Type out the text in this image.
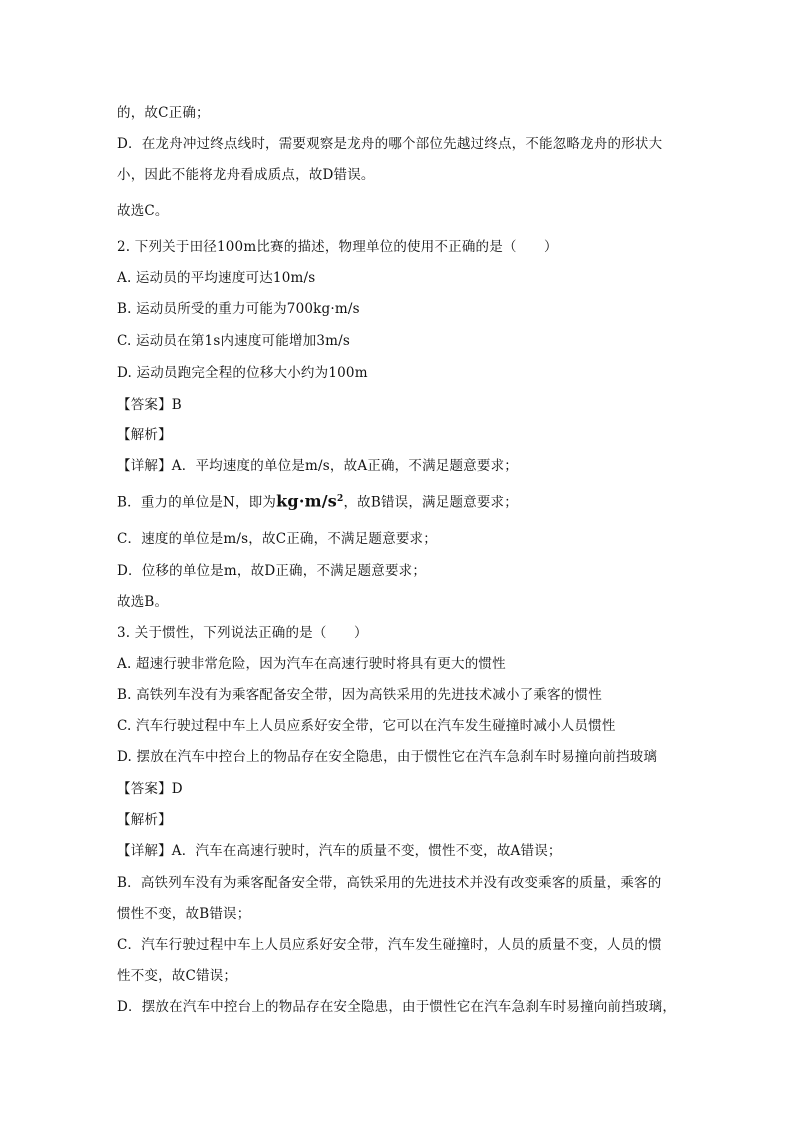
的，故C正确；
D．在龙舟冲过终点线时，需要观察是龙舟的哪个部位先越过终点，不能忽略龙舟的形状大
小，因此不能将龙舟看成质点，故D错误。
故选C。
2. 下列关于田径100m比赛的描述，物理单位的使用不正确的是（　　）
A. 运动员的平均速度可达10m/s
B. 运动员所受的重力可能为700kg·m/s
C. 运动员在第1s内速度可能增加3m/s
D. 运动员跑完全程的位移大小约为100m
【答案】B
【解析】
【详解】A．平均速度的单位是m/s，故A正确，不满足题意要求；
B．重力的单位是N，即为$kg\cdot m/s^2$，故B错误，满足题意要求；
C．速度的单位是m/s，故C正确，不满足题意要求；
D．位移的单位是m，故D正确，不满足题意要求；
故选B。
3. 关于惯性，下列说法正确的是（　　）
A. 超速行驶非常危险，因为汽车在高速行驶时将具有更大的惯性
B. 高铁列车没有为乘客配备安全带，因为高铁采用的先进技术减小了乘客的惯性
C. 汽车行驶过程中车上人员应系好安全带，它可以在汽车发生碰撞时减小人员惯性
D. 摆放在汽车中控台上的物品存在安全隐患，由于惯性它在汽车急刹车时易撞向前挡玻璃
【答案】D
【解析】
【详解】A．汽车在高速行驶时，汽车的质量不变，惯性不变，故A错误；
B．高铁列车没有为乘客配备安全带，高铁采用的先进技术并没有改变乘客的质量，乘客的
惯性不变，故B错误；
C．汽车行驶过程中车上人员应系好安全带，汽车发生碰撞时，人员的质量不变，人员的惯
性不变，故C错误；
D．摆放在汽车中控台上的物品存在安全隐患，由于惯性它在汽车急刹车时易撞向前挡玻璃，
